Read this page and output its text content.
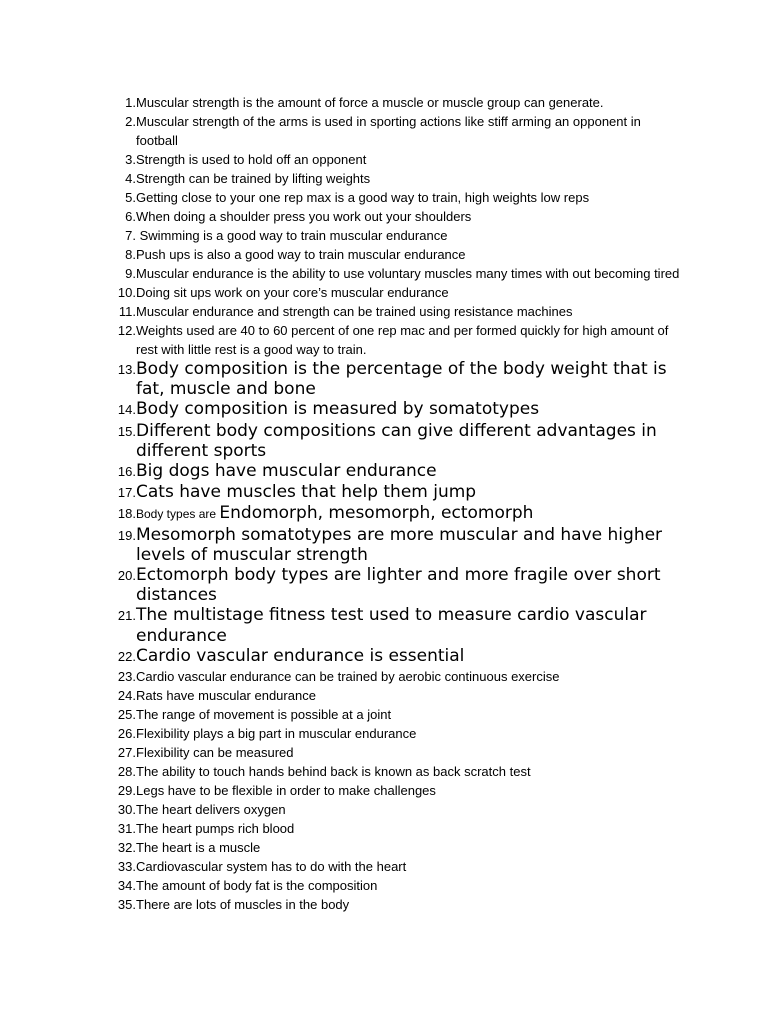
1. Muscular strength is the amount of force a muscle or muscle group can generate.
2. Muscular strength of the arms is used in sporting actions like stiff arming an opponent in football
3. Strength is used to hold off an opponent
4. Strength can be trained by lifting weights
5. Getting close to your one rep max is a good way to train, high weights low reps
6. When doing a shoulder press you work out your shoulders
7. Swimming is a good way to train muscular endurance
8. Push ups is also a good way to train muscular endurance
9. Muscular endurance is the ability to use voluntary muscles many times with out becoming tired
10. Doing sit ups work on your core’s muscular endurance
11. Muscular endurance and strength can be trained using resistance machines
12. Weights used are 40 to 60 percent of one rep mac and per formed quickly for high amount of rest with little rest is a good way to train.
13. Body composition is the percentage of the body weight that is fat, muscle and bone
14. Body composition is measured by somatotypes
15. Different body compositions can give different advantages in different sports
16. Big dogs have muscular endurance
17. Cats have muscles that help them jump
18. Body types are Endomorph, mesomorph, ectomorph
19. Mesomorph somatotypes are more muscular and have higher levels of muscular strength
20. Ectomorph body types are lighter and more fragile over short distances
21. The multistage fitness test used to measure cardio vascular endurance
22. Cardio vascular endurance is essential
23. Cardio vascular endurance can be trained by aerobic continuous exercise
24. Rats have muscular endurance
25. The range of movement is possible at a joint
26. Flexibility plays a big part in muscular endurance
27. Flexibility can be measured
28. The ability to touch hands behind back is known as back scratch test
29. Legs have to be flexible in order to make challenges
30. The heart delivers oxygen
31. The heart pumps rich blood
32. The heart is a muscle
33. Cardiovascular system has to do with the heart
34. The amount of body fat is the composition
35. There are lots of muscles in the body
